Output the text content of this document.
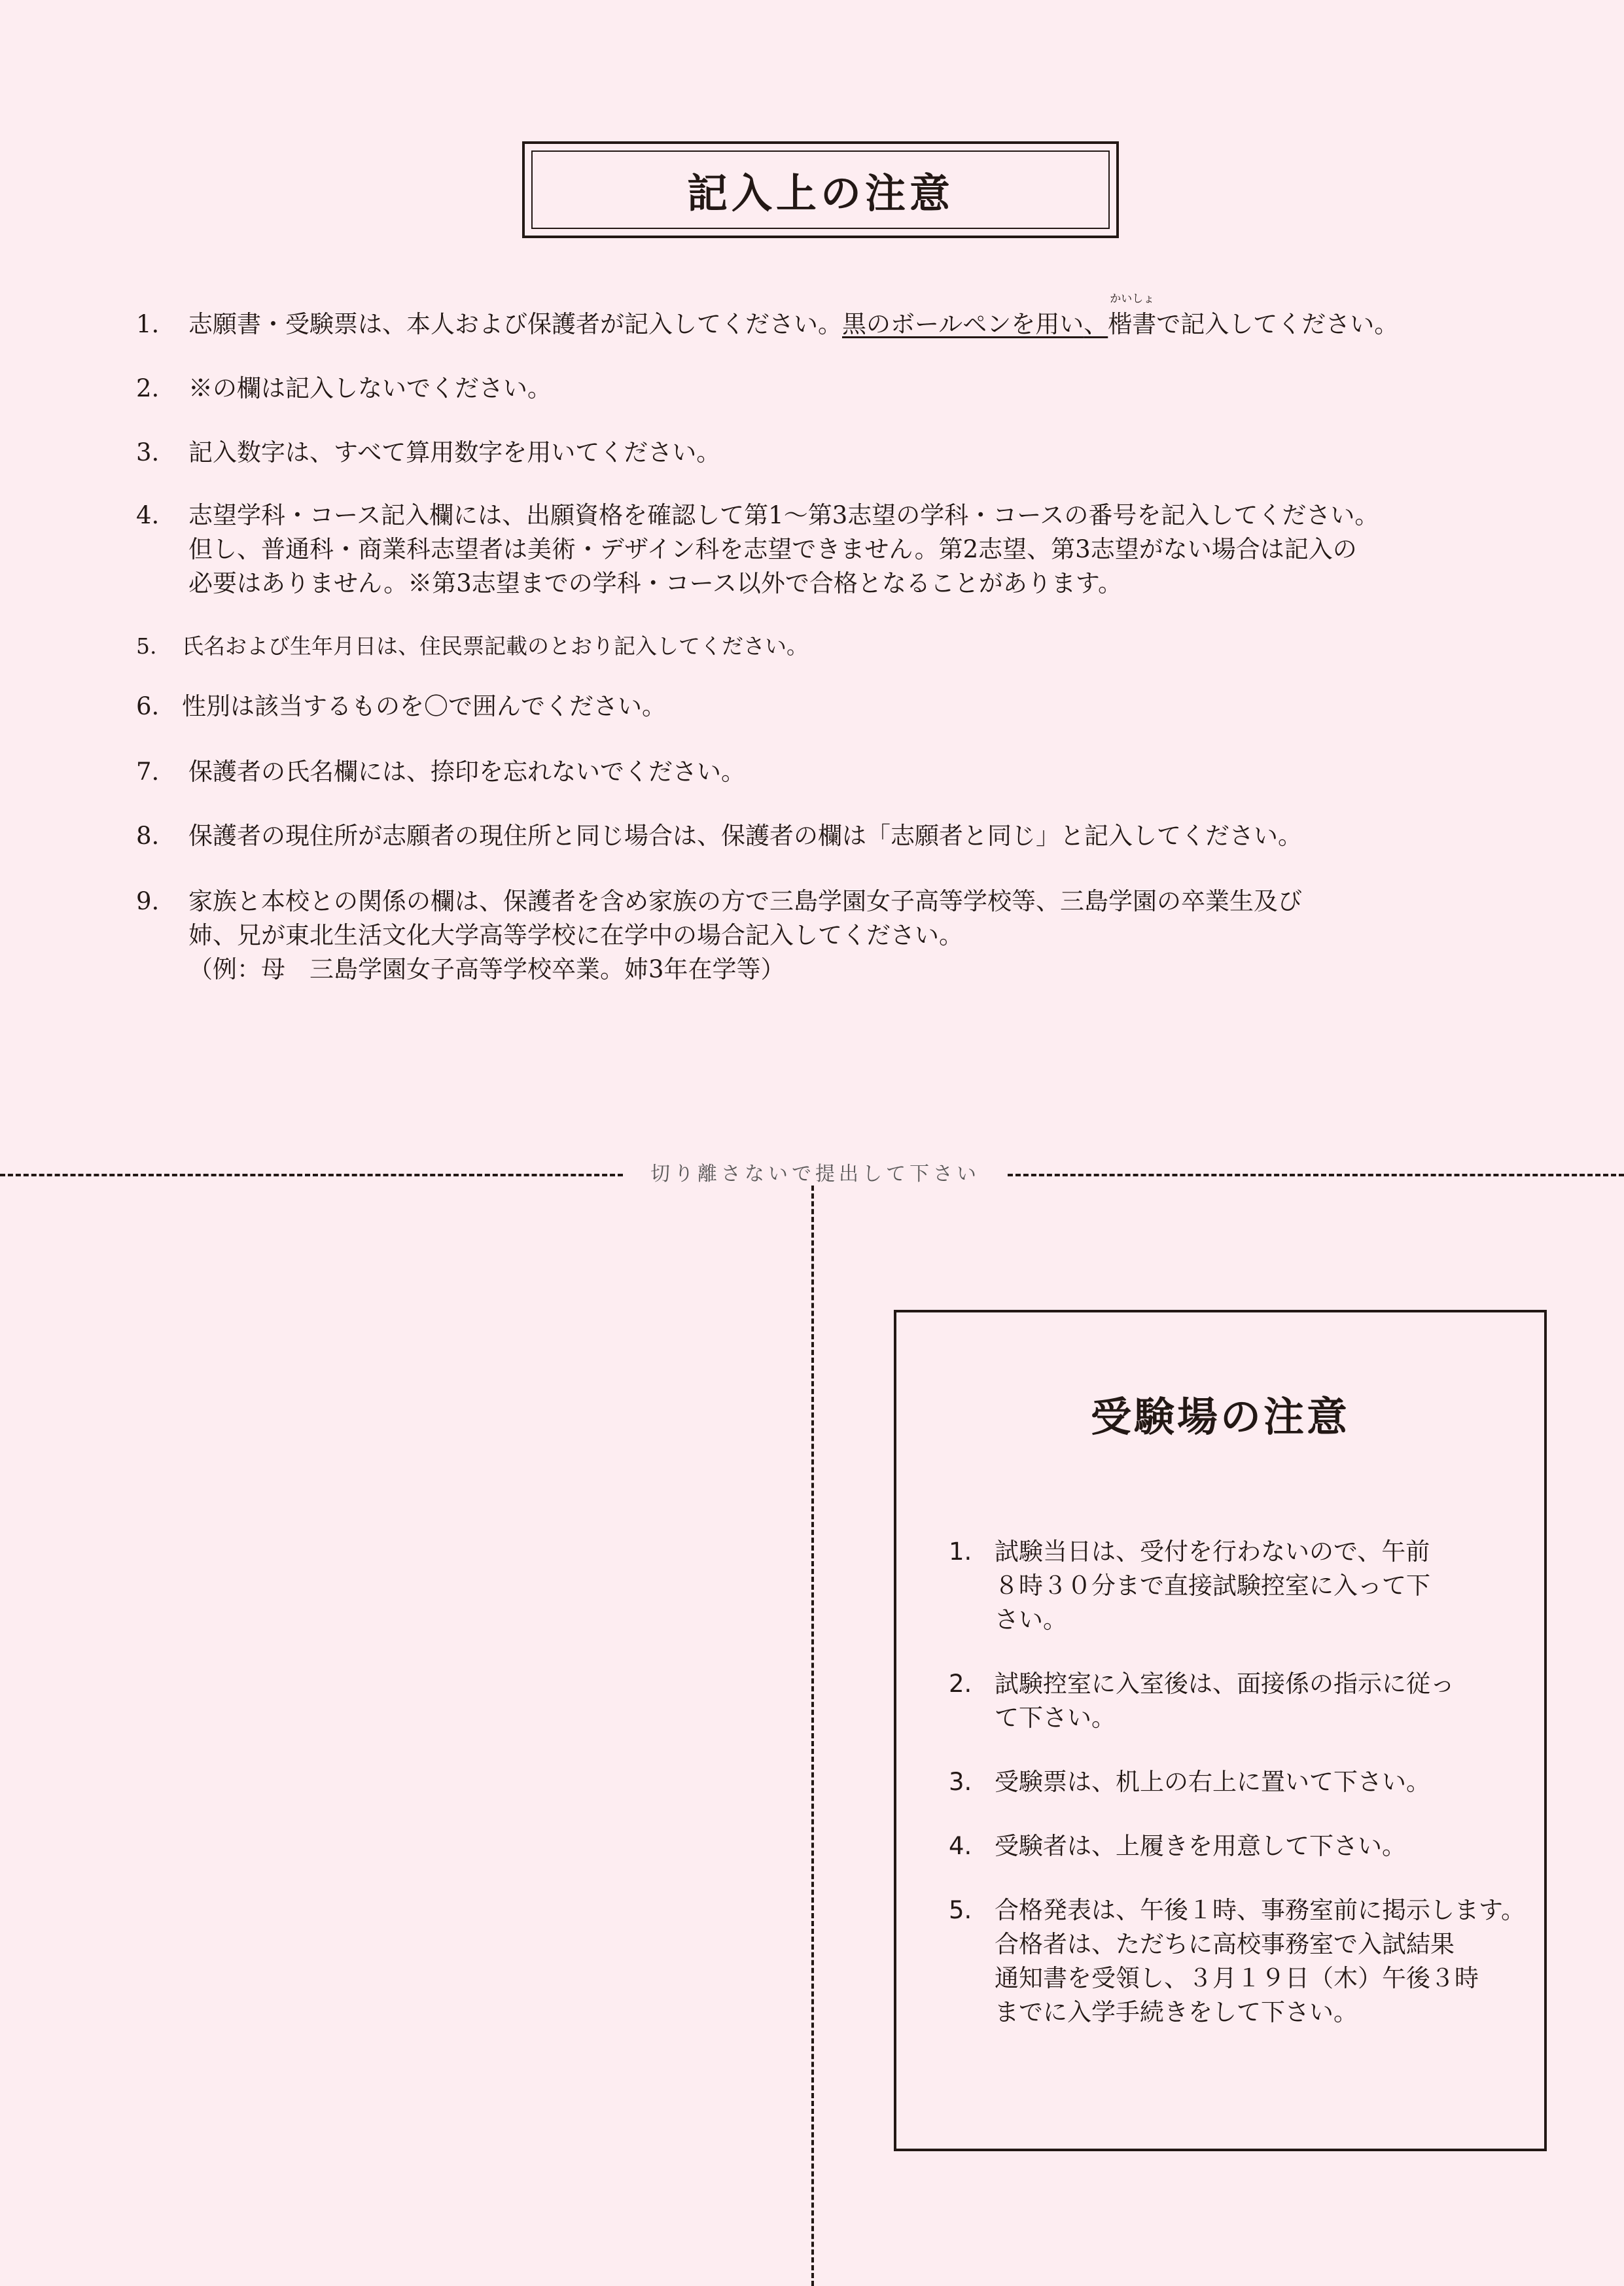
記入上の注意
1. 志願書・受験票は、本人および保護者が記入してください。黒のボールペンを用い、
かいしょ
楷書で記入してください。
2. ※の欄は記入しないでください。
3. 記入数字は、すべて算用数字を用いてください。
4. 志望学科・コース記入欄には、出願資格を確認して第1～第3志望の学科・コースの番号を記入してください。
但し、普通科・商業科志望者は美術・デザイン科を志望できません。第2志望、第3志望がない場合は記入の
必要はありません。※第3志望までの学科・コース以外で合格となることがあります。
5. 氏名および生年月日は、住民票記載のとおり記入してください。
6. 性別は該当するものを〇で囲んでください。
7. 保護者の氏名欄には、捺印を忘れないでください。
8. 保護者の現住所が志願者の現住所と同じ場合は、保護者の欄は「志願者と同じ」と記入してください。
9. 家族と本校との関係の欄は、保護者を含め家族の方で三島学園女子高等学校等、三島学園の卒業生及び
姉、兄が東北生活文化大学高等学校に在学中の場合記入してください。
（例：母　三島学園女子高等学校卒業。姉3年在学等）
切り離さないで提出して下さい
受験場の注意
1. 試験当日は、受付を行わないので、午前
８時３０分まで直接試験控室に入って下
さい。
2. 試験控室に入室後は、面接係の指示に従っ
て下さい。
3. 受験票は、机上の右上に置いて下さい。
4. 受験者は、上履きを用意して下さい。
5. 合格発表は、午後１時、事務室前に掲示します。
合格者は、ただちに高校事務室で入試結果
通知書を受領し、３月１９日（木）午後３時
までに入学手続きをして下さい。
